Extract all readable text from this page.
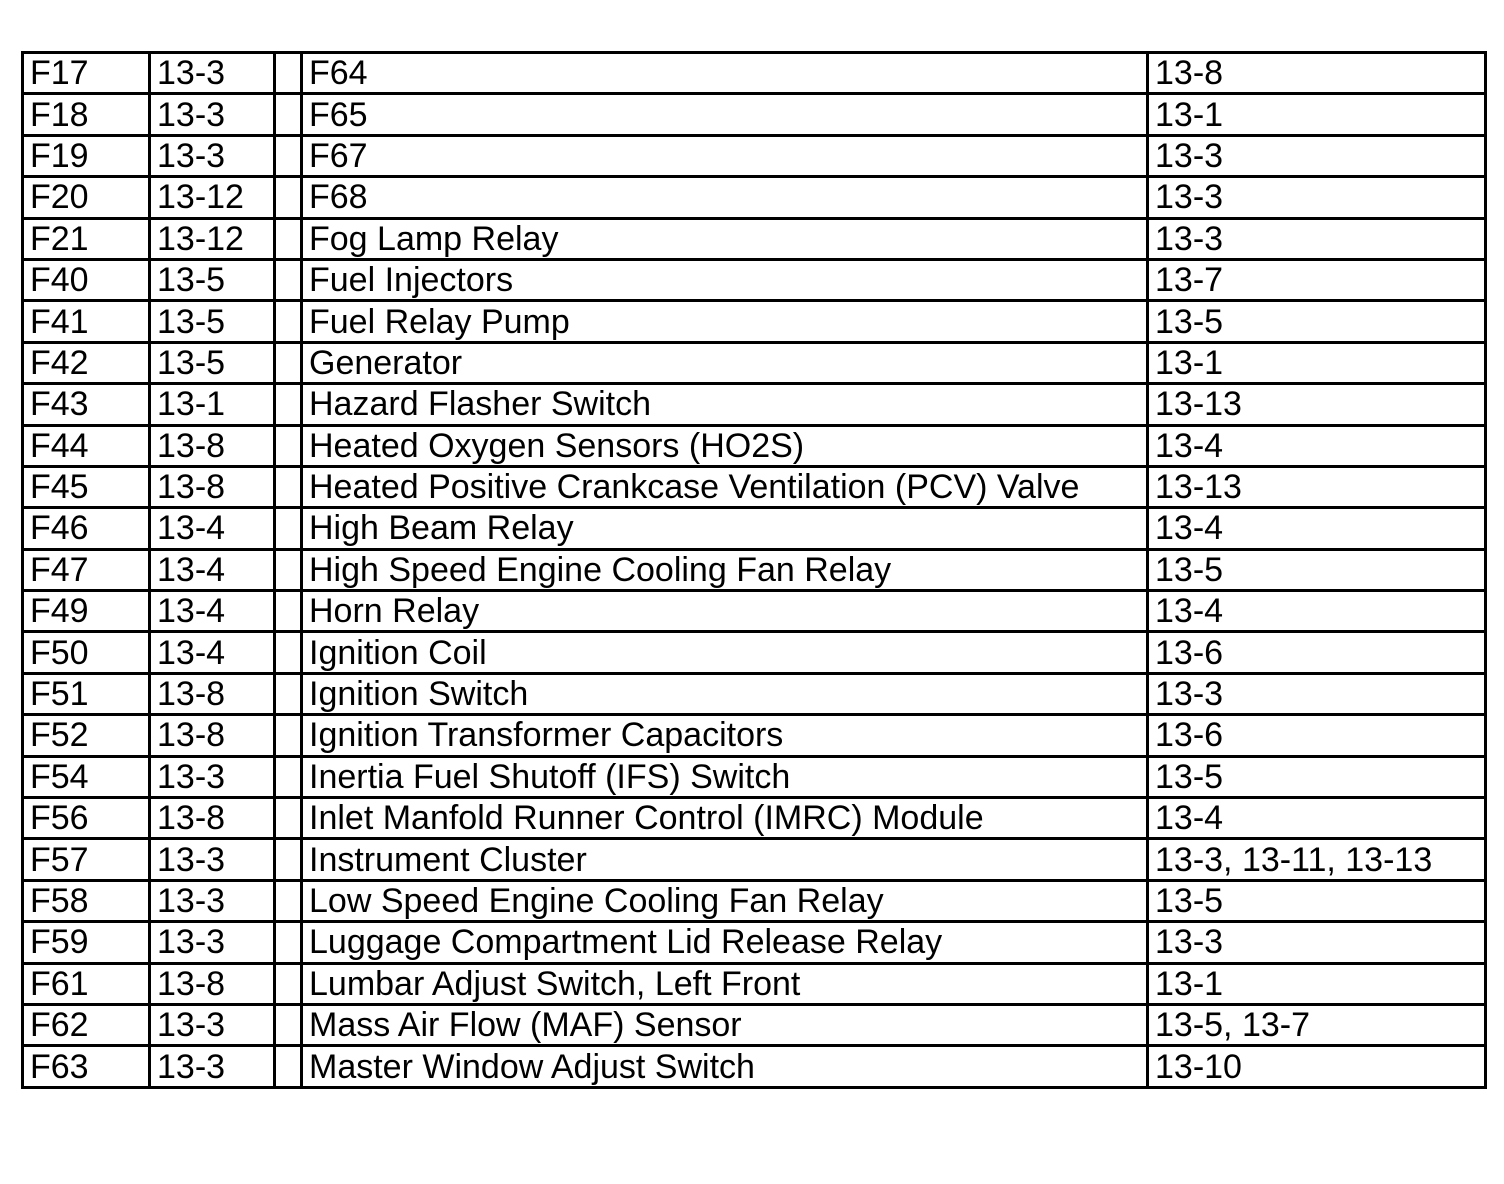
F17	13-3		F64	13-8
F18	13-3		F65	13-1
F19	13-3		F67	13-3
F20	13-12		F68	13-3
F21	13-12		Fog Lamp Relay	13-3
F40	13-5		Fuel Injectors	13-7
F41	13-5		Fuel Relay Pump	13-5
F42	13-5		Generator	13-1
F43	13-1		Hazard Flasher Switch	13-13
F44	13-8		Heated Oxygen Sensors (HO2S)	13-4
F45	13-8		Heated Positive Crankcase Ventilation (PCV) Valve	13-13
F46	13-4		High Beam Relay	13-4
F47	13-4		High Speed Engine Cooling Fan Relay	13-5
F49	13-4		Horn Relay	13-4
F50	13-4		Ignition Coil	13-6
F51	13-8		Ignition Switch	13-3
F52	13-8		Ignition Transformer Capacitors	13-6
F54	13-3		Inertia Fuel Shutoff (IFS) Switch	13-5
F56	13-8		Inlet Manfold Runner Control (IMRC) Module	13-4
F57	13-3		Instrument Cluster	13-3, 13-11, 13-13
F58	13-3		Low Speed Engine Cooling Fan Relay	13-5
F59	13-3		Luggage Compartment Lid Release Relay	13-3
F61	13-8		Lumbar Adjust Switch, Left Front	13-1
F62	13-3		Mass Air Flow (MAF) Sensor	13-5, 13-7
F63	13-3		Master Window Adjust Switch	13-10
